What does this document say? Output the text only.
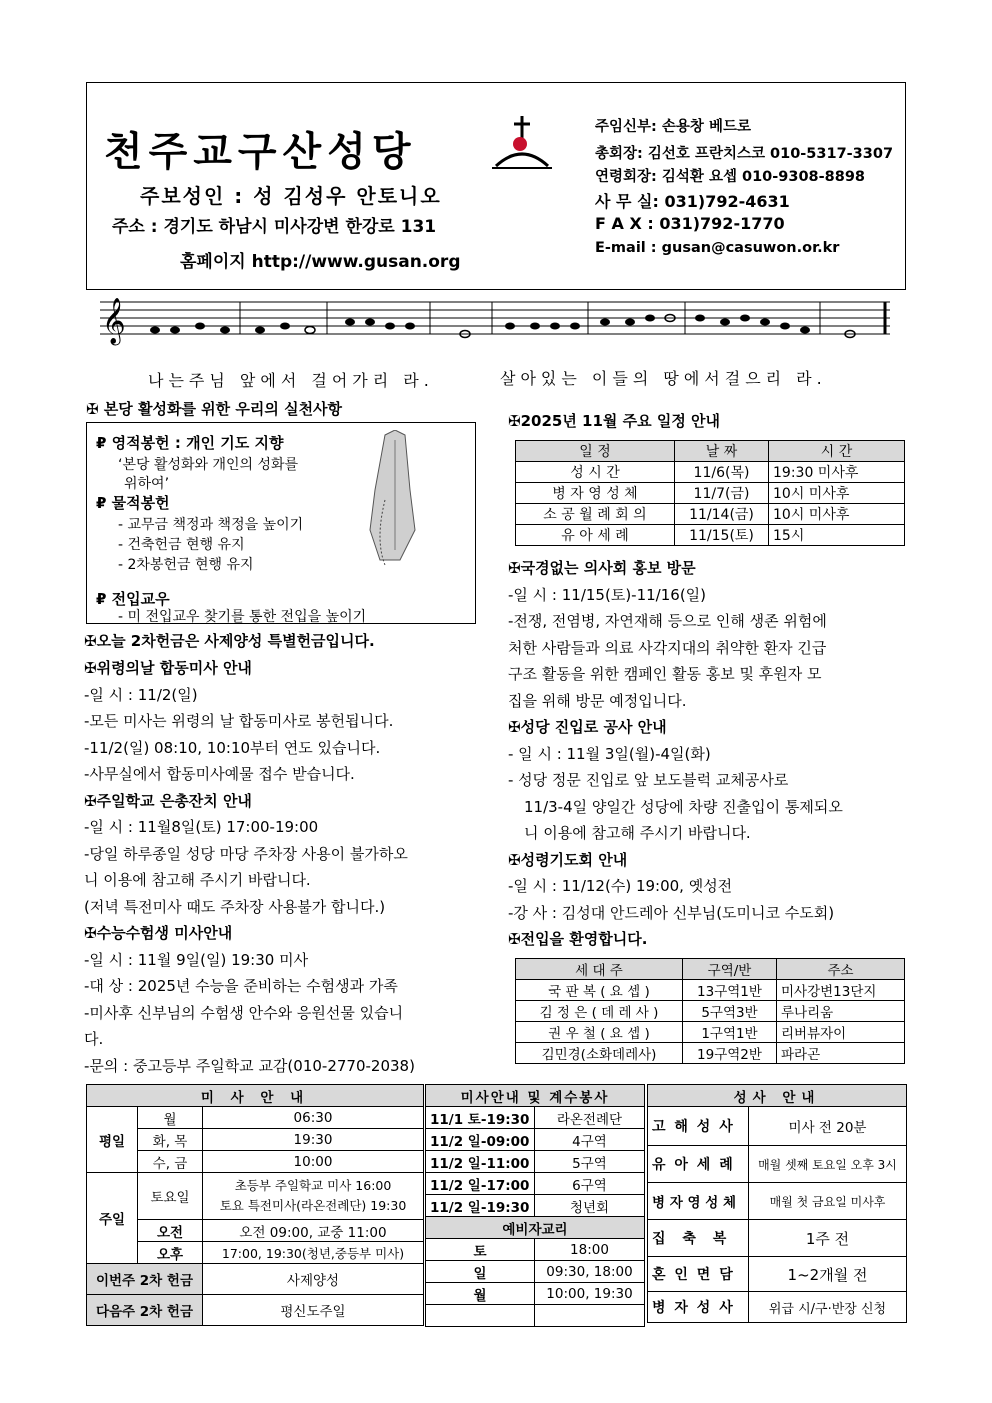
천주교구산성당
주보성인 : 성 김성우 안토니오
주소 : 경기도 하남시 미사강변 한강로 131
홈페이지 http://www.gusan.org
주임신부: 손용창 베드로
총회장: 김선호 프란치스코 010-5317-3307
연령회장: 김석환 요셉 010-9308-8898
사 무 실: 031)792-4631
F A X : 031)792-1770
E-mail : gusan@casuwon.or.kr
𝄞
나는주님 앞에서 걸어가리 라.	살아있는 이들의 땅에서걸으리 라.
✠ 본당 활성화를 위한 우리의 실천사항
₽ 영적봉헌 : 개인 기도 지향
‘본당 활성화와 개인의 성화를
위하여’
₽ 물적봉헌
- 교무금 책정과 책정을 높이기
- 건축헌금 현행 유지
- 2차봉헌금 현행 유지
₽ 전입교우
- 미 전입교우 찾기를 통한 전입을 높이기
✠오늘 2차헌금은 사제양성 특별헌금입니다.
✠위령의날 합동미사 안내
-일 시 : 11/2(일)
-모든 미사는 위령의 날 합동미사로 봉헌됩니다.
-11/2(일) 08:10, 10:10부터 연도 있습니다.
-사무실에서 합동미사예물 접수 받습니다.
✠주일학교 은총잔치 안내
-일 시 : 11월8일(토) 17:00-19:00
-당일 하루종일 성당 마당 주차장 사용이 불가하오
니 이용에 참고해 주시기 바랍니다.
(저녁 특전미사 때도 주차장 사용불가 합니다.)
✠수능수험생 미사안내
-일 시 : 11월 9일(일) 19:30 미사
-대 상 : 2025년 수능을 준비하는 수험생과 가족
-미사후 신부님의 수험생 안수와 응원선물 있습니
다.
-문의 : 중고등부 주일학교 교감(010-2770-2038)
✠2025년 11월 주요 일정 안내
일 정	날 짜	시 간
성 시 간	11/6(목)	19:30 미사후
병 자 영 성 체	11/7(금)	10시 미사후
소 공 월 례 회 의	11/14(금)	10시 미사후
유 아 세 례	11/15(토)	15시
✠국경없는 의사회 홍보 방문
-일 시 : 11/15(토)-11/16(일)
-전쟁, 전염병, 자연재해 등으로 인해 생존 위험에
처한 사람들과 의료 사각지대의 취약한 환자 긴급
구조 활동을 위한 캠페인 활동 홍보 및 후원자 모
집을 위해 방문 예정입니다.
✠성당 진입로 공사 안내
- 일 시 : 11월 3일(월)-4일(화)
- 성당 정문 진입로 앞 보도블럭 교체공사로
11/3-4일 양일간 성당에 차량 진출입이 통제되오
니 이용에 참고해 주시기 바랍니다.
✠성령기도회 안내
-일 시 : 11/12(수) 19:00, 옛성전
-강 사 : 김성대 안드레아 신부님(도미니코 수도회)
✠전입을 환영합니다.
세 대 주	구역/반	주소
국 판 복 ( 요 셉 )	13구역1반	미사강변13단지
김 정 은 ( 데 레 사 )	5구역3반	루나리움
권 우 철 ( 요 셉 )	1구역1반	리버뷰자이
김민경(소화데레사)	19구역2반	파라곤
미 사 안 내		
평일	월	06:30
	화, 목	19:30
	수, 금	10:00
주일	토요일	초등부 주일학교 미사 16:00
토요 특전미사(라온전례단) 19:30

	오전	오전 09:00, 교중 11:00
	오후	17:00, 19:30(청년,중등부 미사)
이번주 2차 헌금		사제양성
다음주 2차 헌금		평신도주일
미사안내 및 계수봉사	
11/1 토-19:30	라온전례단
11/2 일-09:00	4구역
11/2 일-11:00	5구역
11/2 일-17:00	6구역
11/2 일-19:30	청년회
예비자교리	
토	18:00
일	09:30, 18:00
월	10:00, 19:30

성사 안내	
고 해 성 사	미사 전 20분
유 아 세 례	매월 셋째 토요일 오후 3시
병 자 영 성 체	매월 첫 금요일 미사후
집 축 복	1주 전
혼 인 면 담	1~2개월 전
병 자 성 사	위급 시/구·반장 신청
